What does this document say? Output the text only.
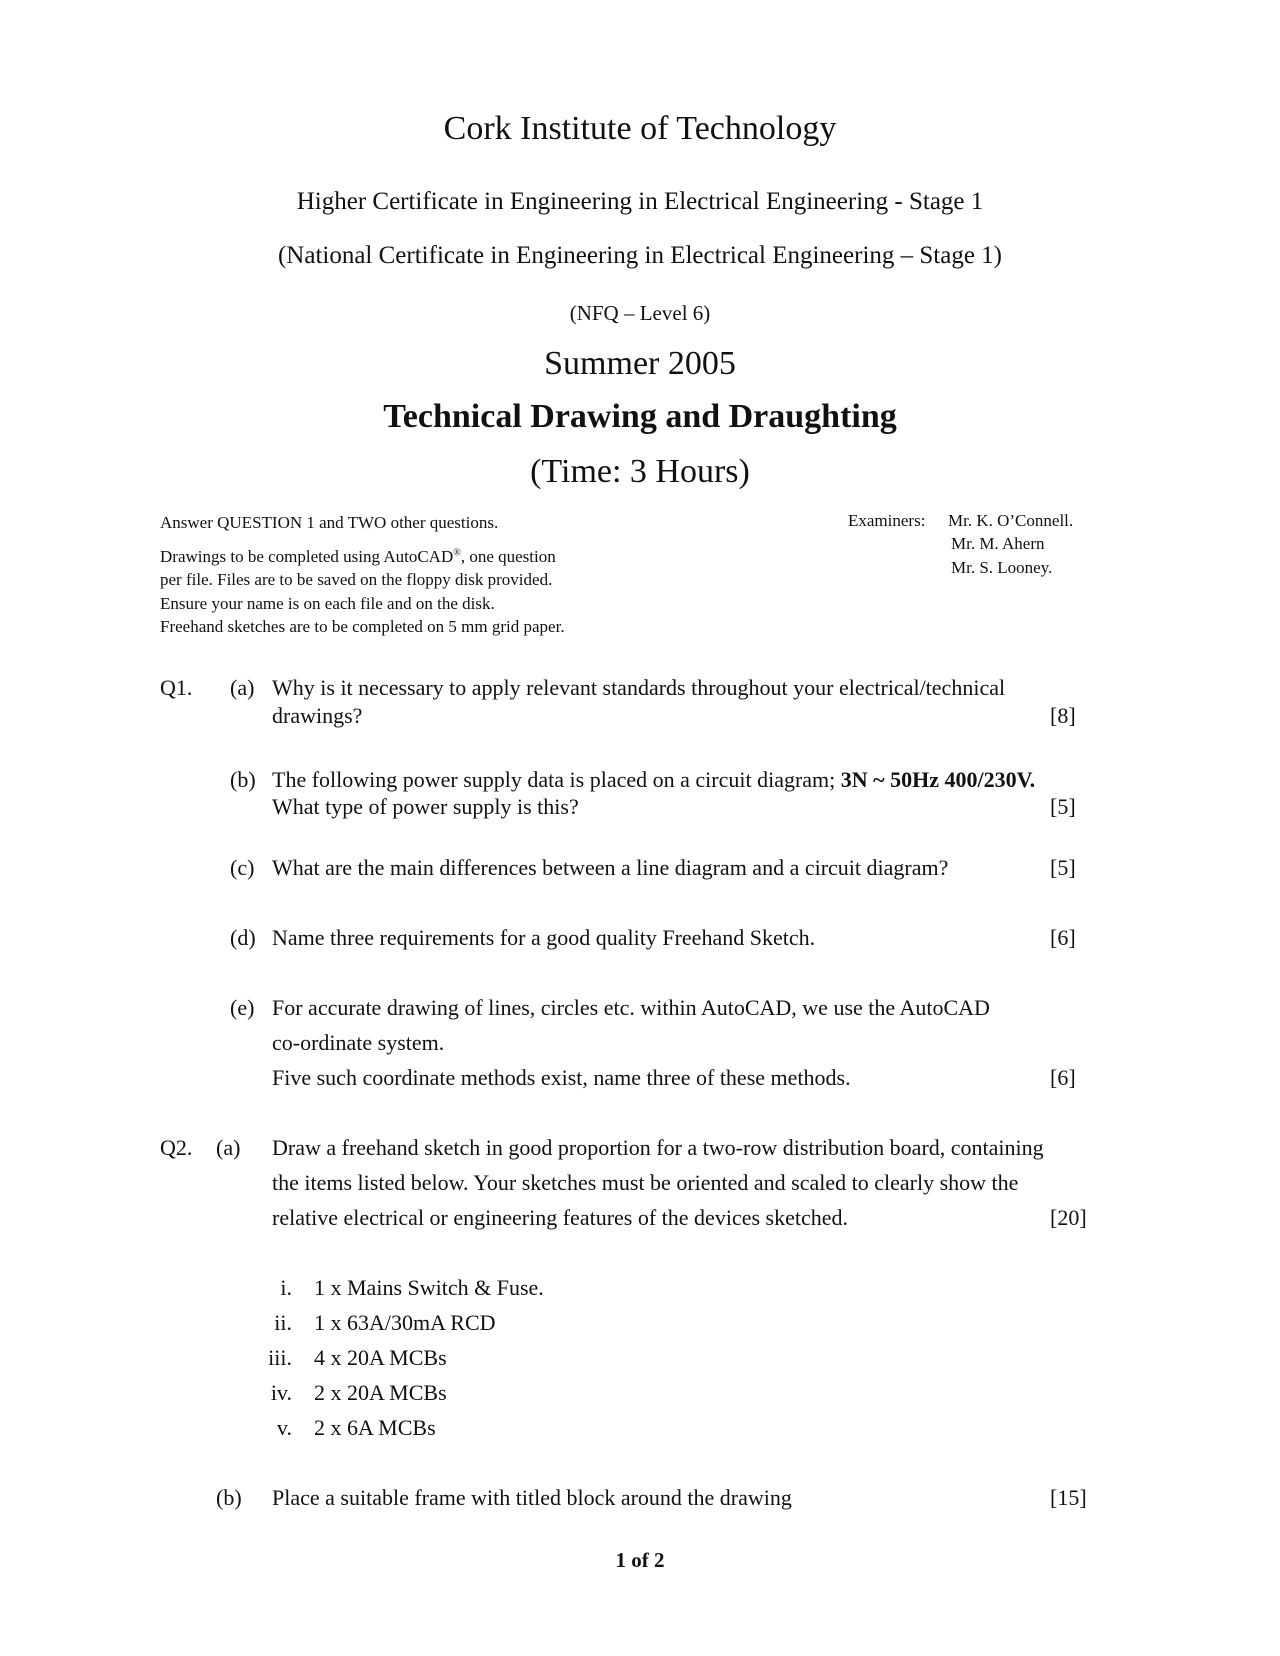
Cork Institute of Technology
Higher Certificate in Engineering in Electrical Engineering - Stage 1
(National Certificate in Engineering in Electrical Engineering – Stage 1)
(NFQ – Level 6)
Summer 2005
Technical Drawing and Draughting
(Time: 3 Hours)
Answer QUESTION 1 and TWO other questions.
Drawings to be completed using AutoCAD®, one question
per file. Files are to be saved on the floppy disk provided.
Ensure your name is on each file and on the disk.
Freehand sketches are to be completed on 5 mm grid paper.
Examiners: Mr. K. O’Connell.
Mr. M. Ahern
Mr. S. Looney.
Q1. (a) Why is it necessary to apply relevant standards throughout your electrical/technical
drawings?	[8]
(b) The following power supply data is placed on a circuit diagram; 3N ~ 50Hz 400/230V.
What type of power supply is this?	[5]
(c) What are the main differences between a line diagram and a circuit diagram?	[5]
(d) Name three requirements for a good quality Freehand Sketch.	[6]
(e) For accurate drawing of lines, circles etc. within AutoCAD, we use the AutoCAD
co-ordinate system.
Five such coordinate methods exist, name three of these methods.	[6]
Q2. (a) Draw a freehand sketch in good proportion for a two-row distribution board, containing
the items listed below. Your sketches must be oriented and scaled to clearly show the
relative electrical or engineering features of the devices sketched.	[20]
i. 1 x Mains Switch & Fuse.
ii. 1 x 63A/30mA RCD
iii. 4 x 20A MCBs
iv. 2 x 20A MCBs
v. 2 x 6A MCBs
(b) Place a suitable frame with titled block around the drawing	[15]
1 of 2
